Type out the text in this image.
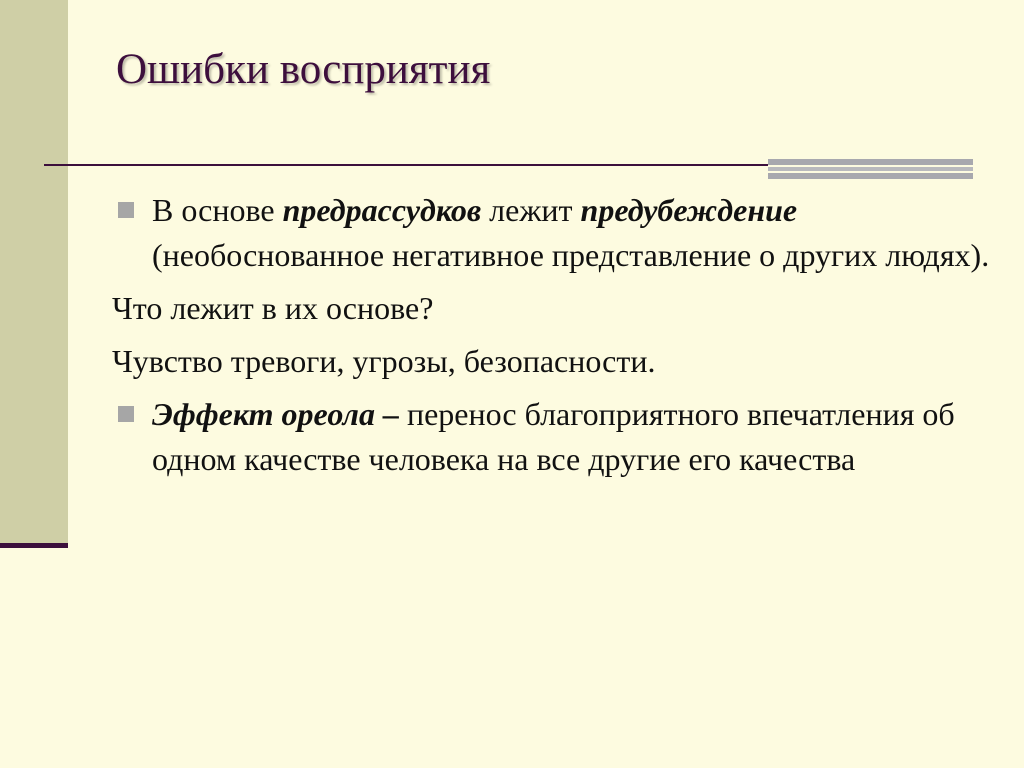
Ошибки восприятия
В основе предрассудков лежит предубеждение (необоснованное негативное представление о других людях).
Что лежит в их основе?
Чувство тревоги, угрозы, безопасности.
Эффект ореола – перенос благоприятного впечатления об одном качестве человека на все другие его качества
